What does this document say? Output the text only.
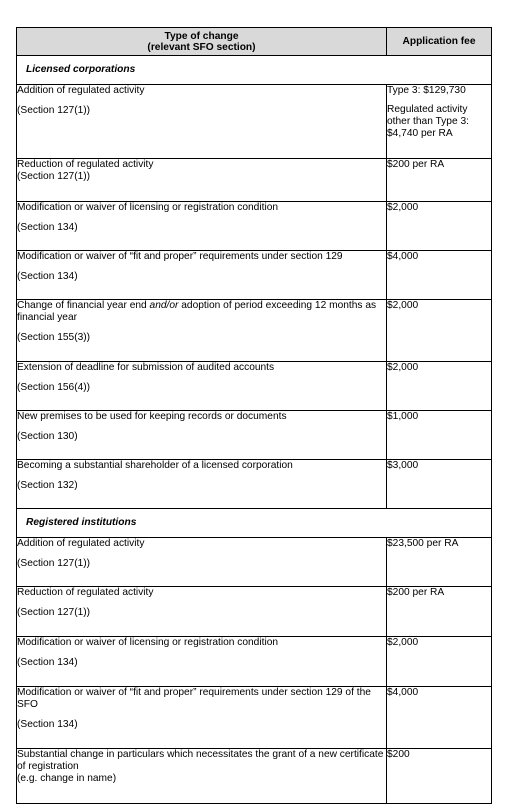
Type of change
(relevant SFO section)	Application fee

Licensed corporations	

Addition of regulated activity
(Section 127(1))	Type 3: $129,730
Regulated activity other than Type 3: $4,740 per RA

Reduction of regulated activity
(Section 127(1))	$200 per RA

Modification or waiver of licensing or registration condition
(Section 134)	$2,000

Modification or waiver of “fit and proper” requirements under section 129
(Section 134)	$4,000

Change of financial year end and/or adoption of period exceeding 12 months as financial year
(Section 155(3))	$2,000

Extension of deadline for submission of audited accounts
(Section 156(4))	$2,000

New premises to be used for keeping records or documents
(Section 130)	$1,000

Becoming a substantial shareholder of a licensed corporation
(Section 132)	$3,000

Registered institutions	

Addition of regulated activity
(Section 127(1))	$23,500 per RA

Reduction of regulated activity
(Section 127(1))	$200 per RA

Modification or waiver of licensing or registration condition
(Section 134)	$2,000

Modification or waiver of “fit and proper” requirements under section 129 of the SFO
(Section 134)	$4,000

Substantial change in particulars which necessitates the grant of a new certificate of registration
(e.g. change in name)	$200
